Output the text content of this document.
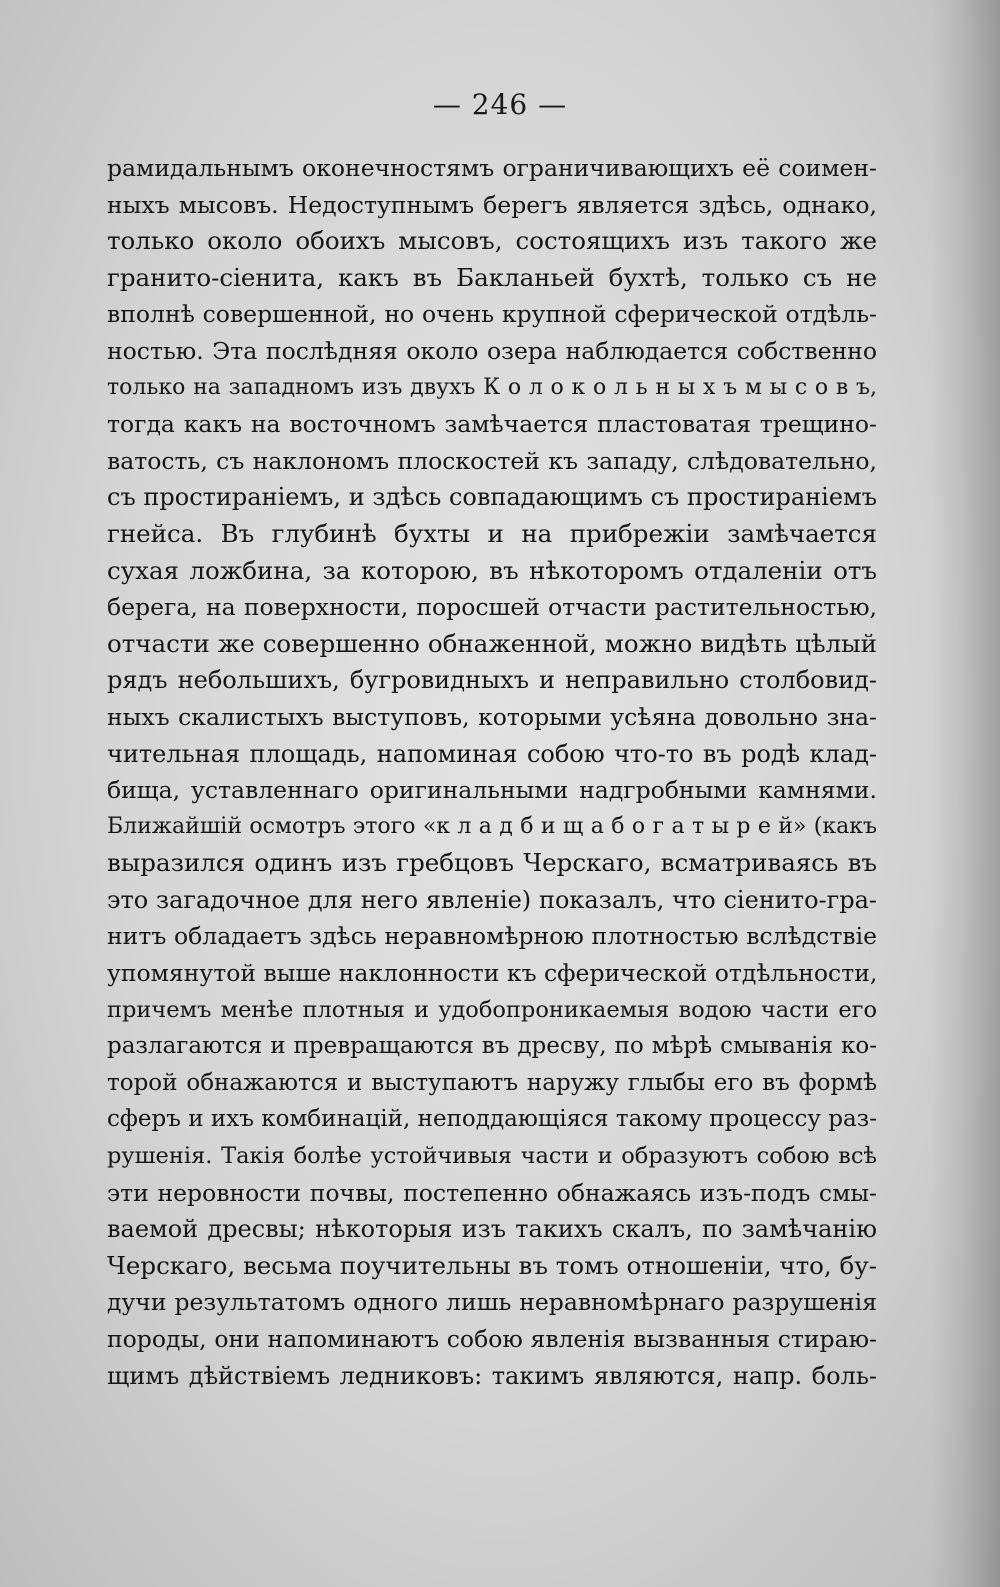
— 246 —
рамидальнымъ оконечностямъ ограничивающихъ её соимен-
ныхъ мысовъ. Недоступнымъ берегъ является здѣсь, однако,
только около обоихъ мысовъ, состоящихъ изъ такого же
гранито-сіенита, какъ въ Бакланьей бухтѣ, только съ не
вполнѣ совершенной, но очень крупной сферической отдѣль-
ностью. Эта послѣдняя около озера наблюдается собственно
только на западномъ изъ двухъ К о л о к о л ь н ы х ъ м ы с о в ъ,
тогда какъ на восточномъ замѣчается пластоватая трещино-
ватость, съ наклономъ плоскостей къ западу, слѣдовательно,
съ простираніемъ, и здѣсь совпадающимъ съ простираніемъ
гнейса. Въ глубинѣ бухты и на прибрежіи замѣчается
сухая ложбина, за которою, въ нѣкоторомъ отдаленіи отъ
берега, на поверхности, поросшей отчасти растительностью,
отчасти же совершенно обнаженной, можно видѣть цѣлый
рядъ небольшихъ, бугровидныхъ и неправильно столбовид-
ныхъ скалистыхъ выступовъ, которыми усѣяна довольно зна-
чительная площадь, напоминая собою что-то въ родѣ клад-
бища, уставленнаго оригинальными надгробными камнями.
Ближайшій осмотръ этого «к л а д б и щ а б о г а т ы р е й» (какъ
выразился одинъ изъ гребцовъ Черскаго, всматриваясь въ
это загадочное для него явленіе) показалъ, что сіенито-гра-
нитъ обладаетъ здѣсь неравномѣрною плотностью вслѣдствіе
упомянутой выше наклонности къ сферической отдѣльности,
причемъ менѣе плотныя и удобопроникаемыя водою части его
разлагаются и превращаются въ дресву, по мѣрѣ смыванія ко-
торой обнажаются и выступаютъ наружу глыбы его въ формѣ
сферъ и ихъ комбинацій, неподдающіяся такому процессу раз-
рушенія. Такія болѣе устойчивыя части и образуютъ собою всѣ
эти неровности почвы, постепенно обнажаясь изъ-подъ смы-
ваемой дресвы; нѣкоторыя изъ такихъ скалъ, по замѣчанію
Черскаго, весьма поучительны въ томъ отношеніи, что, бу-
дучи результатомъ одного лишь неравномѣрнаго разрушенія
породы, они напоминаютъ собою явленія вызванныя стираю-
щимъ дѣйствіемъ ледниковъ: такимъ являются, напр. боль-
